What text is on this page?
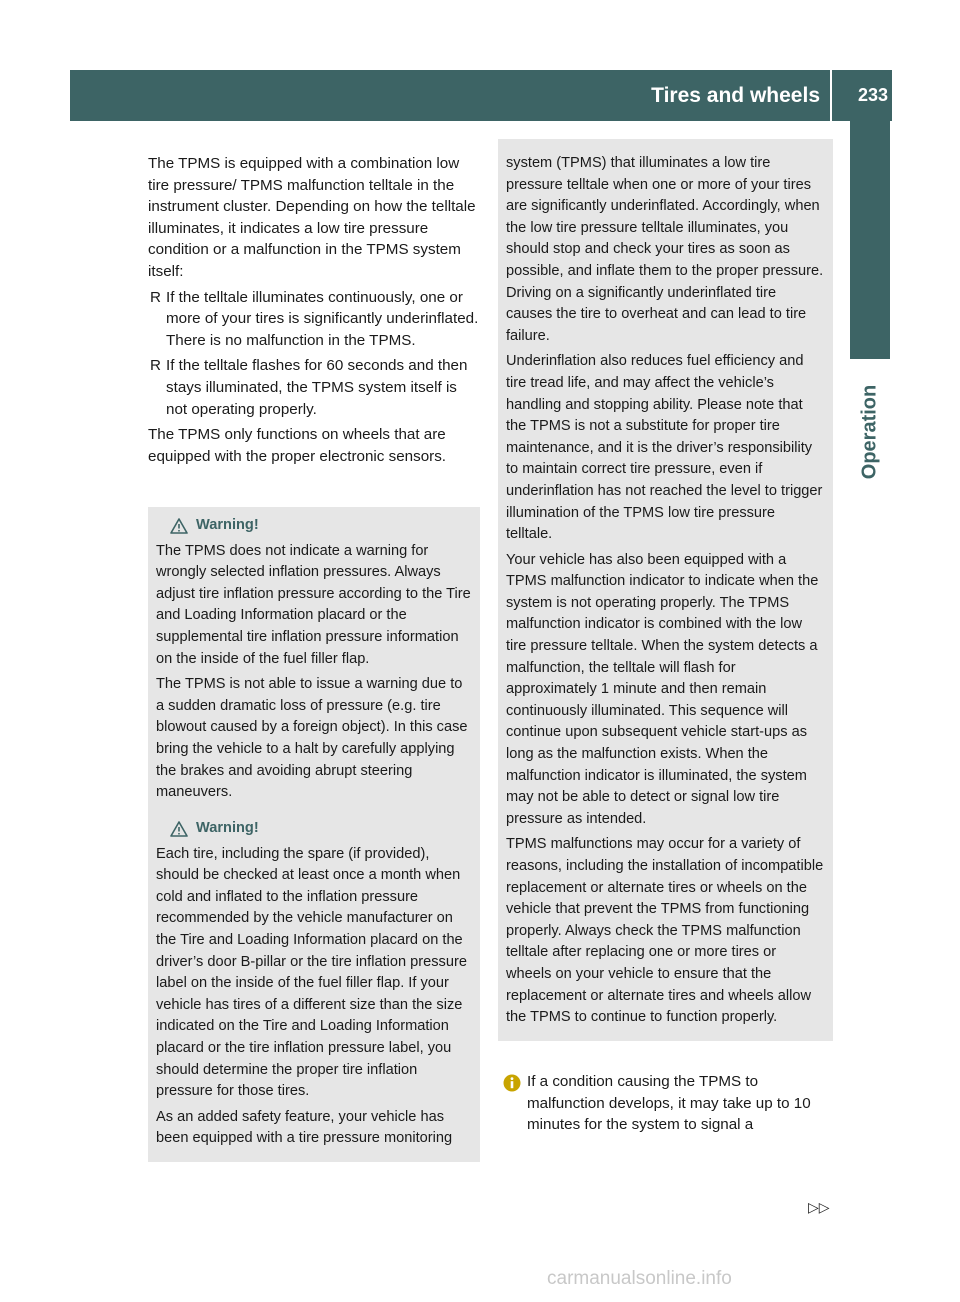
Tires and wheels 233
Operation

The TPMS is equipped with a combination low tire pressure/ TPMS malfunction telltale in the instrument cluster. Depending on how the telltale illuminates, it indicates a low tire pressure condition or a malfunction in the TPMS system itself:

R If the telltale illuminates continuously, one or more of your tires is significantly underinflated. There is no malfunction in the TPMS.
R If the telltale flashes for 60 seconds and then stays illuminated, the TPMS system itself is not operating properly.

The TPMS only functions on wheels that are equipped with the proper electronic sensors.

Warning!

The TPMS does not indicate a warning for wrongly selected inflation pressures. Always adjust tire inflation pressure according to the Tire and Loading Information placard or the supplemental tire inflation pressure information on the inside of the fuel filler flap.

The TPMS is not able to issue a warning due to a sudden dramatic loss of pressure (e.g. tire blowout caused by a foreign object). In this case bring the vehicle to a halt by carefully applying the brakes and avoiding abrupt steering maneuvers.

Warning!

Each tire, including the spare (if provided), should be checked at least once a month when cold and inflated to the inflation pressure recommended by the vehicle manufacturer on the Tire and Loading Information placard on the driver’s door B-pillar or the tire inflation pressure label on the inside of the fuel filler flap. If your vehicle has tires of a different size than the size indicated on the Tire and Loading Information placard or the tire inflation pressure label, you should determine the proper tire inflation pressure for those tires.

As an added safety feature, your vehicle has been equipped with a tire pressure monitoring

system (TPMS) that illuminates a low tire pressure telltale when one or more of your tires are significantly underinflated. Accordingly, when the low tire pressure telltale illuminates, you should stop and check your tires as soon as possible, and inflate them to the proper pressure. Driving on a significantly underinflated tire causes the tire to overheat and can lead to tire failure.

Underinflation also reduces fuel efficiency and tire tread life, and may affect the vehicle’s handling and stopping ability. Please note that the TPMS is not a substitute for proper tire maintenance, and it is the driver’s responsibility to maintain correct tire pressure, even if underinflation has not reached the level to trigger illumination of the TPMS low tire pressure telltale.

Your vehicle has also been equipped with a TPMS malfunction indicator to indicate when the system is not operating properly. The TPMS malfunction indicator is combined with the low tire pressure telltale. When the system detects a malfunction, the telltale will flash for approximately 1 minute and then remain continuously illuminated. This sequence will continue upon subsequent vehicle start-ups as long as the malfunction exists. When the malfunction indicator is illuminated, the system may not be able to detect or signal low tire pressure as intended.

TPMS malfunctions may occur for a variety of reasons, including the installation of incompatible replacement or alternate tires or wheels on the vehicle that prevent the TPMS from functioning properly. Always check the TPMS malfunction telltale after replacing one or more tires or wheels on your vehicle to ensure that the replacement or alternate tires and wheels allow the TPMS to continue to function properly.

If a condition causing the TPMS to malfunction develops, it may take up to 10 minutes for the system to signal a
▷▷
carmanualsonline.info
